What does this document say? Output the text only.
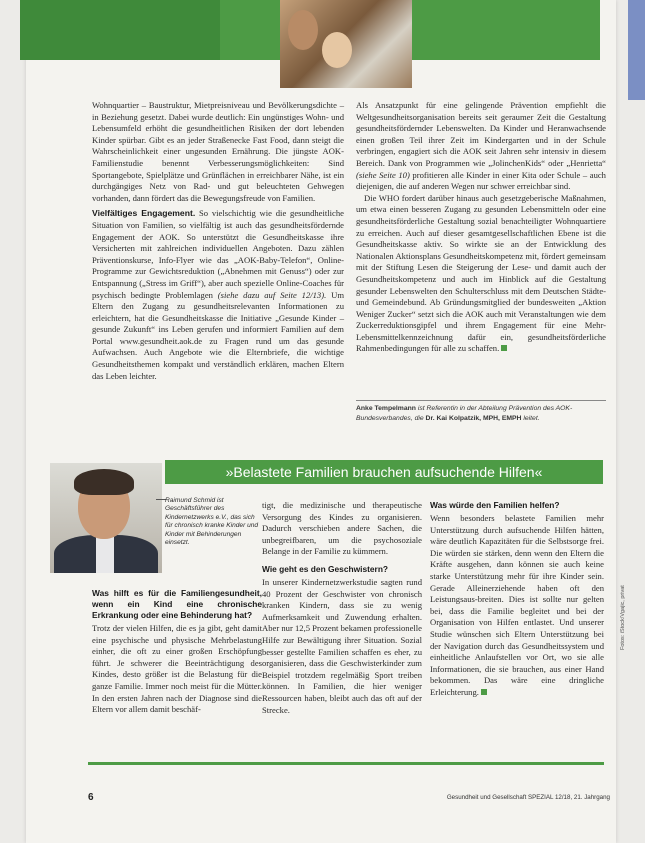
Wohnquartier – Baustruktur, Mietpreisniveau und Bevölkerungsdichte – in Beziehung gesetzt. Dabei wurde deutlich: Ein ungünstiges Wohn- und Lebensumfeld erhöht die gesundheitlichen Risiken der dort lebenden Kinder spürbar. Gibt es an jeder Straßenecke Fast Food, dann steigt die Wahrscheinlichkeit einer ungesunden Ernährung. Die jüngste AOK-Familienstudie benennt Verbesserungsmöglichkeiten: Sind Sportangebote, Spielplätze und Grünflächen in erreichbarer Nähe, ist ein durchgängiges Netz von Rad- und gut beleuchteten Gehwegen vorhanden, dann fördert das die Bewegungsfreude von Familien.

Vielfältiges Engagement. So vielschichtig wie die gesundheitliche Situation von Familien, so vielfältig ist auch das gesundheitsfördernde Engagement der AOK. So unterstützt die Gesundheitskasse ihre Versicherten mit zahlreichen individuellen Angeboten. Dazu zählen Präventionskurse, Info-Flyer wie das „AOK-Baby-Telefon“, Online-Programme zur Gewichtsreduktion („Abnehmen mit Genuss“) oder zur Entspannung („Stress im Griff“), aber auch spezielle Online-Coaches für psychisch bedingte Problemlagen (siehe dazu auf Seite 12/13). Um Eltern den Zugang zu gesundheitsrelevanten Informationen zu erleichtern, hat die Gesundheitskasse die Initiative „Gesunde Kinder – gesunde Zukunft“ ins Leben gerufen und informiert Familien auf dem Portal www.gesundheit.aok.de zu Fragen rund um das gesunde Aufwachsen. Auch Angebote wie die Elternbriefe, die wichtige Gesundheitsthemen kompakt und verständlich erklären, machen Eltern das Leben leichter.

Als Ansatzpunkt für eine gelingende Prävention empfiehlt die Weltgesundheitsorganisation bereits seit geraumer Zeit die Gestaltung gesundheitsfördernder Lebenswelten. Da Kinder und Heranwachsende einen großen Teil ihrer Zeit im Kindergarten und in der Schule verbringen, engagiert sich die AOK seit Jahren sehr intensiv in diesem Bereich. Dank von Programmen wie „JolinchenKids“ oder „Henrietta“ (siehe Seite 10) profitieren alle Kinder in einer Kita oder Schule – auch diejenigen, die auf anderen Wegen nur schwer erreichbar sind.

Die WHO fordert darüber hinaus auch gesetzgeberische Maßnahmen, um etwa einen besseren Zugang zu gesunden Lebensmitteln oder eine gesundheitsförderliche Gestaltung sozial benachteiligter Wohnquartiere zu erreichen. Auch auf dieser gesamtgesellschaftlichen Ebene ist die Gesundheitskasse aktiv. So wirkte sie an der Entwicklung des Nationalen Aktionsplans Gesundheitskompetenz mit, fördert gemeinsam mit der Stiftung Lesen die Steigerung der Lese- und damit auch der Gesundheitskompetenz und auch im Hinblick auf die Gestaltung gesunder Lebenswelten den Schulterschluss mit dem Deutschen Städte- und Gemeindebund. Ab Gründungsmitglied der bundesweiten „Aktion Weniger Zucker“ setzt sich die AOK auch mit Veranstaltungen wie dem Zuckerreduktionsgipfel und ihrem Engagement für eine Mehr-Lebensmittelkennzeichnung dafür ein, gesundheitsförderliche Rahmenbedingungen für alle zu schaffen.

Anke Tempelmann ist Referentin in der Abteilung Prävention des AOK-Bundesverbandes, die Dr. Kai Kolpatzik, MPH, EMPH leitet.
»Belastete Familien brauchen aufsuchende Hilfen«
Raimund Schmid ist Geschäftsführer des Kindernetzwerks e.V., das sich für chronisch kranke Kinder und Kinder mit Behinderungen einsetzt.
Was hilft es für die Familiengesundheit, wenn ein Kind eine chronische Erkrankung oder eine Behinderung hat?
Trotz der vielen Hilfen, die es ja gibt, geht damit eine psychische und physische Mehrbelastung einher, die oft zu einer großen Erschöpfung führt. Je schwerer die Beeinträchtigung des Kindes, desto größer ist die Belastung für die ganze Familie. Immer noch meist für die Mütter. In den ersten Jahren nach der Diagnose sind die Eltern vor allem damit beschäf-
tigt, die medizinische und therapeutische Versorgung des Kindes zu organisieren. Dadurch verschieben andere Sachen, die unbegreifbaren, um die psychosoziale Belange in der Familie zu kümmern.
Wie geht es den Geschwistern?
In unserer Kindernetzwerkstudie sagten rund 40 Prozent der Geschwister von chronisch kranken Kindern, dass sie zu wenig Aufmerksamkeit und Zuwendung erhalten. Aber nur 12,5 Prozent bekamen professionelle Hilfe zur Bewältigung ihrer Situation. Sozial besser gestellte Familien schaffen es eher, zu organisieren, dass die Geschwisterkinder zum Beispiel trotzdem regelmäßig Sport treiben können. In Familien, die hier weniger Ressourcen haben, bleibt auch das oft auf der Strecke.
Was würde den Familien helfen?
Wenn besonders belastete Familien mehr Unterstützung durch aufsuchende Hilfen hätten, wäre deutlich Kapazitäten für die Selbstsorge frei. Die würden sie stärken, denn wenn den Eltern die Kräfte ausgehen, dann können sie auch keine starke Unterstützung mehr für ihre Kinder sein. Gerade Alleinerziehende haben oft den Leistungsaus-breiten. Dies ist sollte nur gelten bei, dass die Familie begleitet und bei der Organisation von Hilfen entlastet. Und unserer Studie wünschen sich Eltern Unterstützung bei der Navigation durch das Gesundheitssystem und einheitliche Anlaufstellen vor Ort, wo sie alle Informationen, die sie brauchen, aus einer Hand bekommen. Das wäre eine dringliche Erleichterung.
6	Gesundheit und Gesellschaft SPEZIAL 12/18, 21. Jahrgang
Fotos: iStock/Vgajic, privat
